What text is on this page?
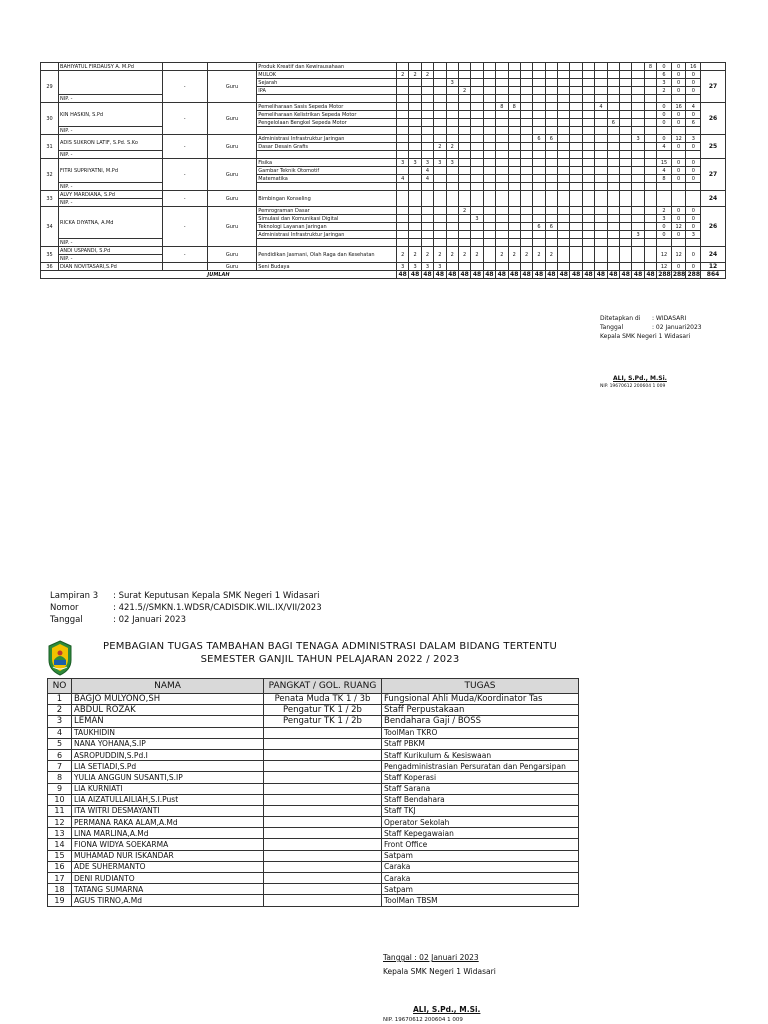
	BAHIYATUL FIRDAUSY A. M.Pd			Produk Kreatif dan Kewirausahaan																					8	0	0	16	
29		-	Guru	MULOK	2	2	2																			6	0	0	27
				Sejarah					3																	3	0	0	
				IPA						2																2	0	0	
	NIP. -																												
30	KIN HASKIN, S.Pd	-	Guru	Pemeliharaan Sasis Sepeda Motor									8	8							4					0	16	4	26
				Pemeliharaan Kelistrikan Sepeda Motor																						0	0	0	
				Pengelolaan Bengkel Sepeda Motor																		6				0	0	6	
	NIP. -																												
31	ADIS SUKRON LATIF, S.Pd. S.Ko	-	Guru	Administrasi Infrastruktur Jaringan												6	6							3		0	12	3	25
				Dasar Desain Grafis				2	2																	4	0	0	
	NIP. -																												
32	FITRI SUPRIYATNI, M.Pd	-	Guru	Fisika	3	3	3	3	3																	15	0	0	27
				Gambar Teknik Otomotif			4																			4	0	0	
				Matematika	4		4																			8	0	0	
	NIP. -																												
33	ALVY MARDIANA, S.Pd	-	Guru	Bimbingan Konseling																									24
	NIP. -																												
34	RICKA DIYATNA, A.Md	-	Guru	Pemrograman Dasar						2																2	0	0	26
				Simulasi dan Komunikasi Digital							3															3	0	0	
				Teknologi Layanan Jaringan												6	6									0	12	0	
				Administrasi Infrastruktur Jaringan																				3		0	0	3	
	NIP. -																												
35	ANDI USPANDI, S.Pd	-	Guru	Pendidikan Jasmani, Olah Raga dan Kesehatan	2	2	2	2	2	2	2		2	2	2	2	2									12	12	0	24
	NIP. -																												
36	DIAN NOVITASARI,S.Pd		Guru	Seni Budaya	3	3	3	3																		12	0	0	12
JUMLAH					48	48	48	48	48	48	48	48	48	48	48	48	48	48	48	48	48	48	48	48	48	288	288	288	864
Ditetapkan di : WIDASARI
Tanggal	: 02 Januari2023
Kepala SMK Negeri 1 Widasari
ALI, S.Pd., M.Si.
NIP. 19670612 200604 1 009
Lampiran 3 : Surat Keputusan Kepala SMK Negeri 1 Widasari
Nomor	: 421.5//SMKN.1.WDSR/CADISDIK.WIL.IX/VII/2023
Tanggal	: 02 Januari 2023
PEMBAGIAN TUGAS TAMBAHAN BAGI TENAGA ADMINISTRASI DALAM BIDANG TERTENTU
SEMESTER GANJIL TAHUN PELAJARAN 2022 / 2023
NO	NAMA	PANGKAT / GOL. RUANG	TUGAS
1	BAGJO MULYONO,SH	Penata Muda TK 1 / 3b	Fungsional Ahli Muda/Koordinator Tas
2	ABDUL ROZAK	Pengatur TK 1 / 2b	Staff Perpustakaan
3	LEMAN	Pengatur TK 1 / 2b	Bendahara Gaji / BOSS
4	TAUKHIDIN		ToolMan TKRO
5	NANA YOHANA,S.IP		Staff PBKM
6	ASROPUDDIN,S.Pd.I		Staff Kurikulum & Kesiswaan
7	LIA SETIADI,S.Pd		Pengadministrasian Persuratan dan Pengarsipan
8	YULIA ANGGUN SUSANTI,S.IP		Staff Koperasi
9	LIA KURNIATI		Staff Sarana
10	LIA AIZATULLAILIAH,S.I.Pust		Staff Bendahara
11	ITA WITRI DESMAYANTI		Staff TKJ
12	PERMANA RAKA ALAM,A.Md		Operator Sekolah
13	LINA MARLINA,A.Md		Staff Kepegawaian
14	FIONA WIDYA SOEKARMA		Front Office
15	MUHAMAD NUR ISKANDAR		Satpam
16	ADE SUHERMANTO		Caraka
17	DENI RUDIANTO		Caraka
18	TATANG SUMARNA		Satpam
19	AGUS TIRNO,A.Md		ToolMan TBSM
Tanggal : 02 Januari 2023
Kepala SMK Negeri 1 Widasari
ALI, S.Pd., M.Si.
NIP. 19670612 200604 1 009
